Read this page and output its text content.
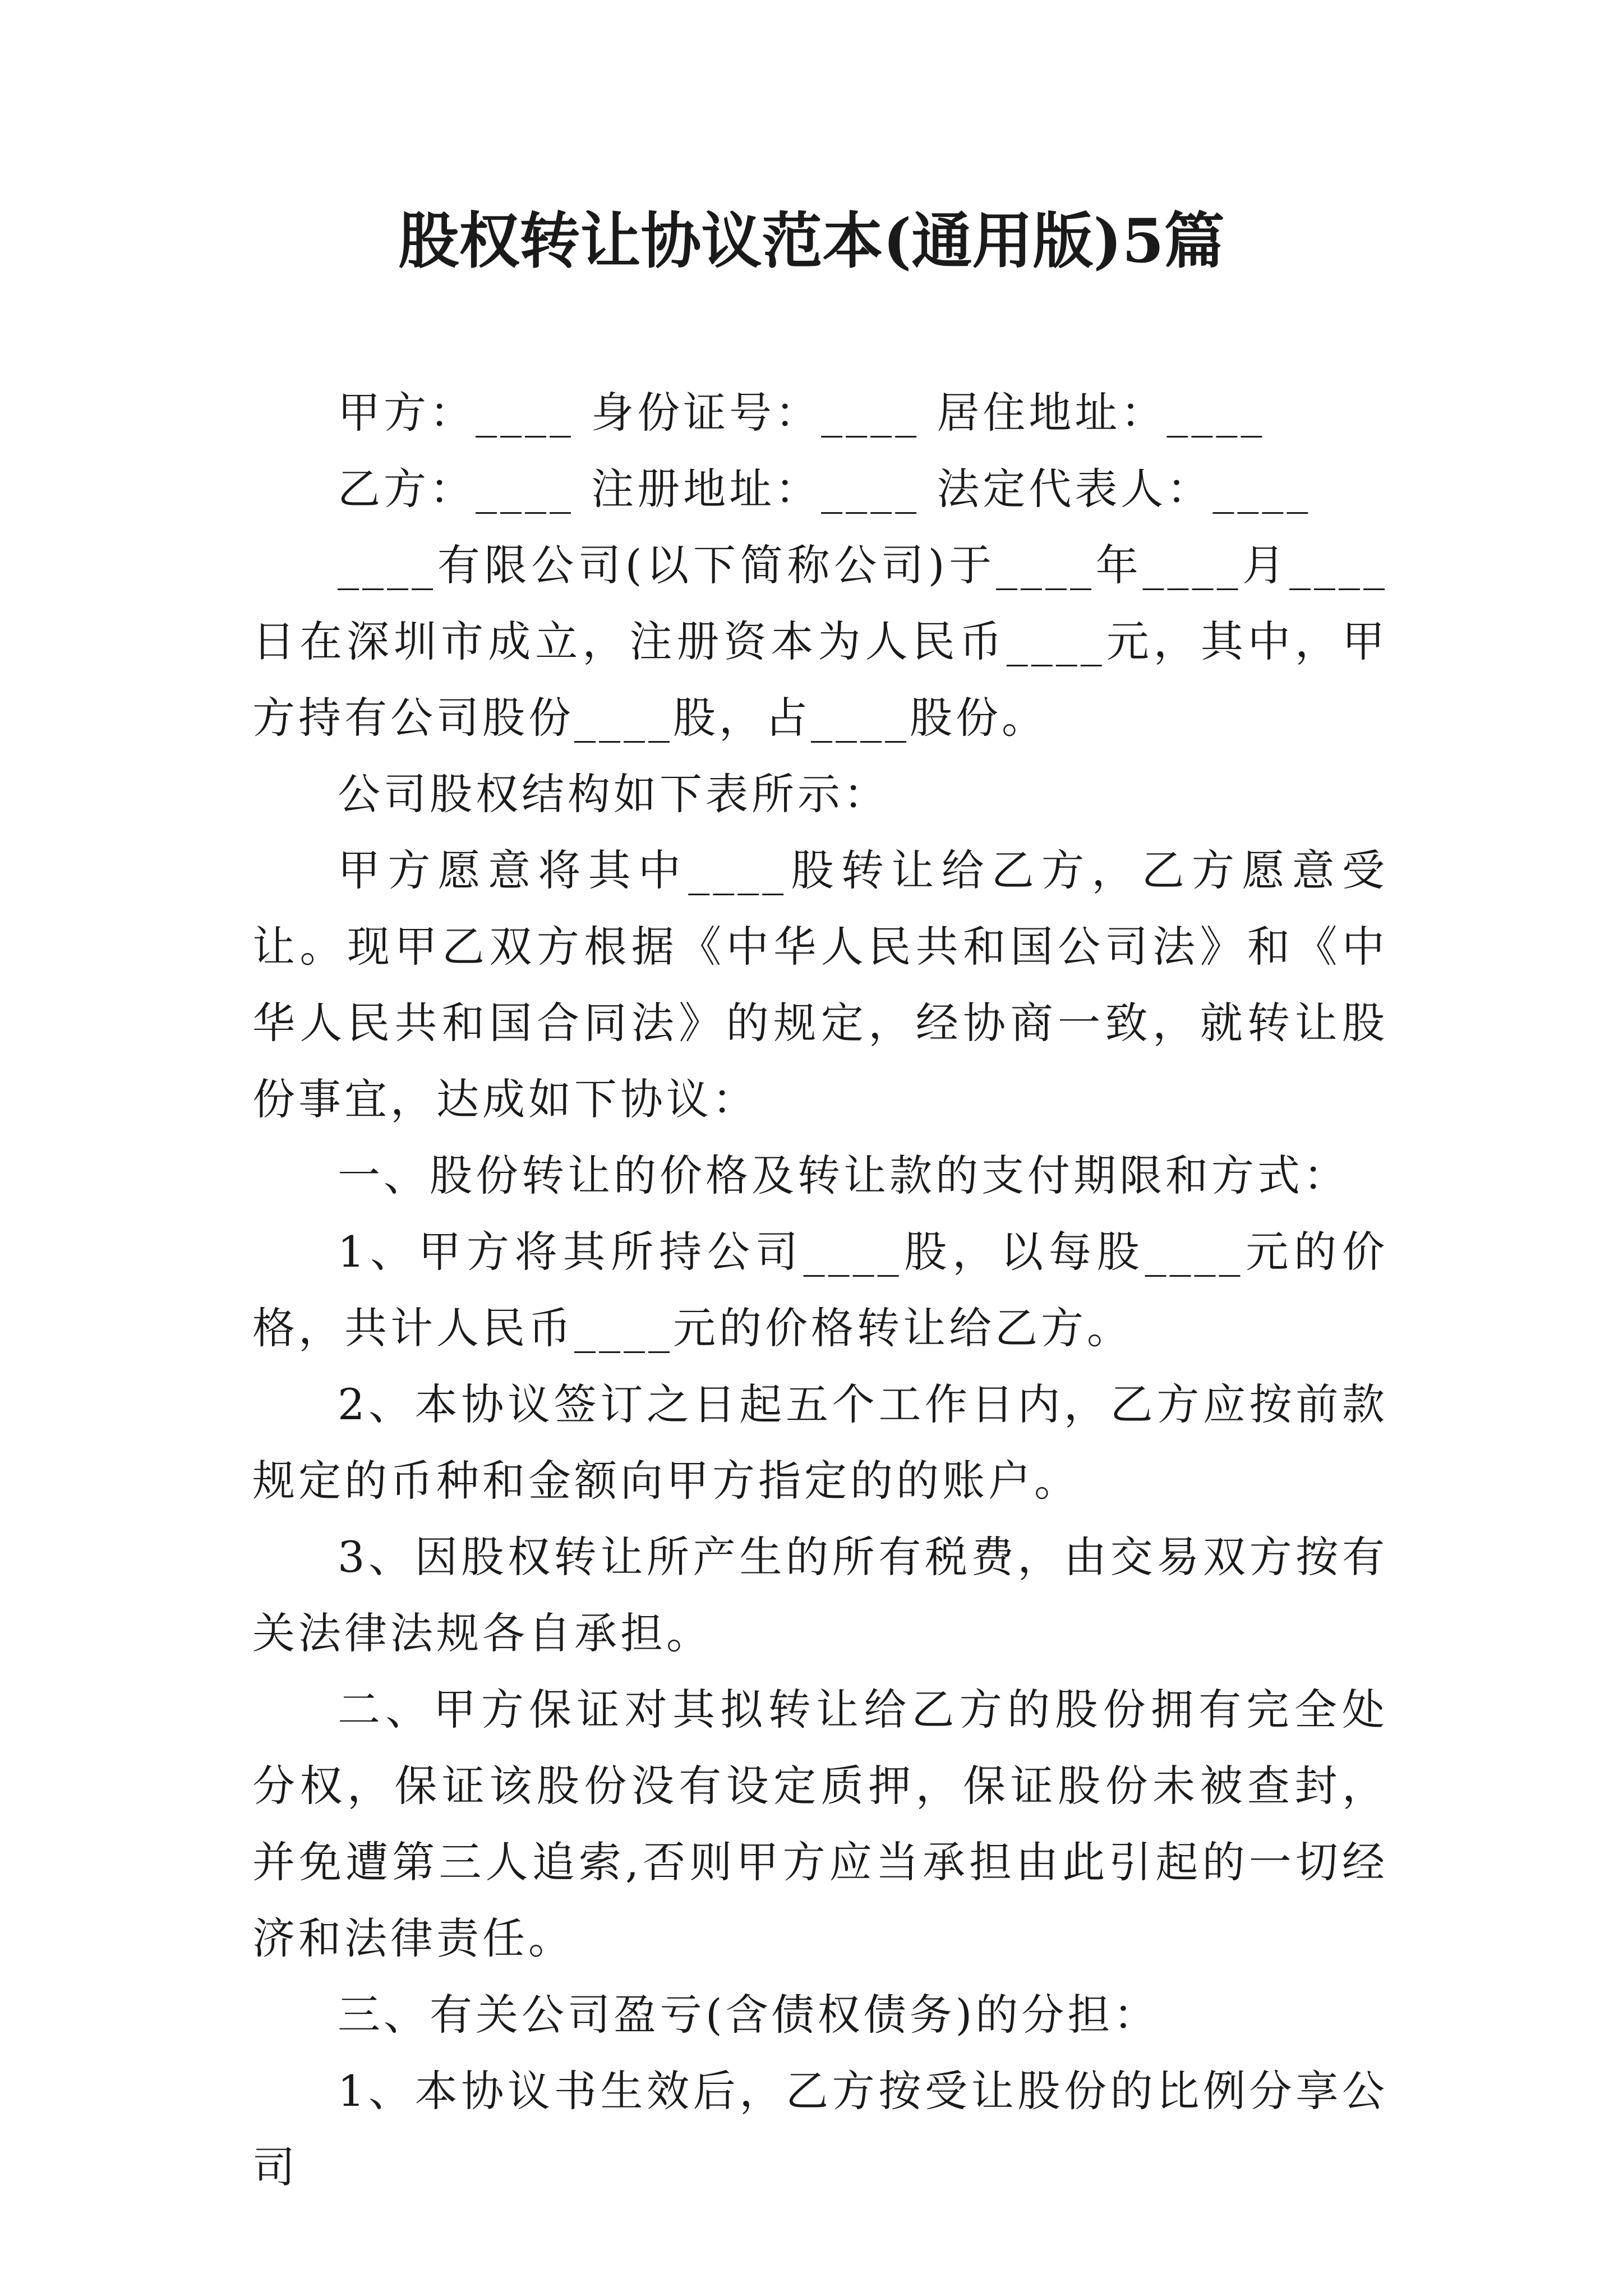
股权转让协议范本(通用版)5篇

甲方：____ 身份证号：____ 居住地址：____

乙方：____ 注册地址：____ 法定代表人：____

____有限公司(以下简称公司)于____年____月____日在深圳市成立，注册资本为人民币____元，其中，甲方持有公司股份____股，占____股份。

公司股权结构如下表所示：

甲方愿意将其中____股转让给乙方，乙方愿意受让。现甲乙双方根据《中华人民共和国公司法》和《中华人民共和国合同法》的规定，经协商一致，就转让股份事宜，达成如下协议：

一、股份转让的价格及转让款的支付期限和方式：

1、甲方将其所持公司____股，以每股____元的价格，共计人民币____元的价格转让给乙方。

2、本协议签订之日起五个工作日内，乙方应按前款规定的币种和金额向甲方指定的的账户。

3、因股权转让所产生的所有税费，由交易双方按有关法律法规各自承担。

二、甲方保证对其拟转让给乙方的股份拥有完全处分权，保证该股份没有设定质押，保证股份未被查封，并免遭第三人追索,否则甲方应当承担由此引起的一切经济和法律责任。

三、有关公司盈亏(含债权债务)的分担：

1、本协议书生效后，乙方按受让股份的比例分享公司
